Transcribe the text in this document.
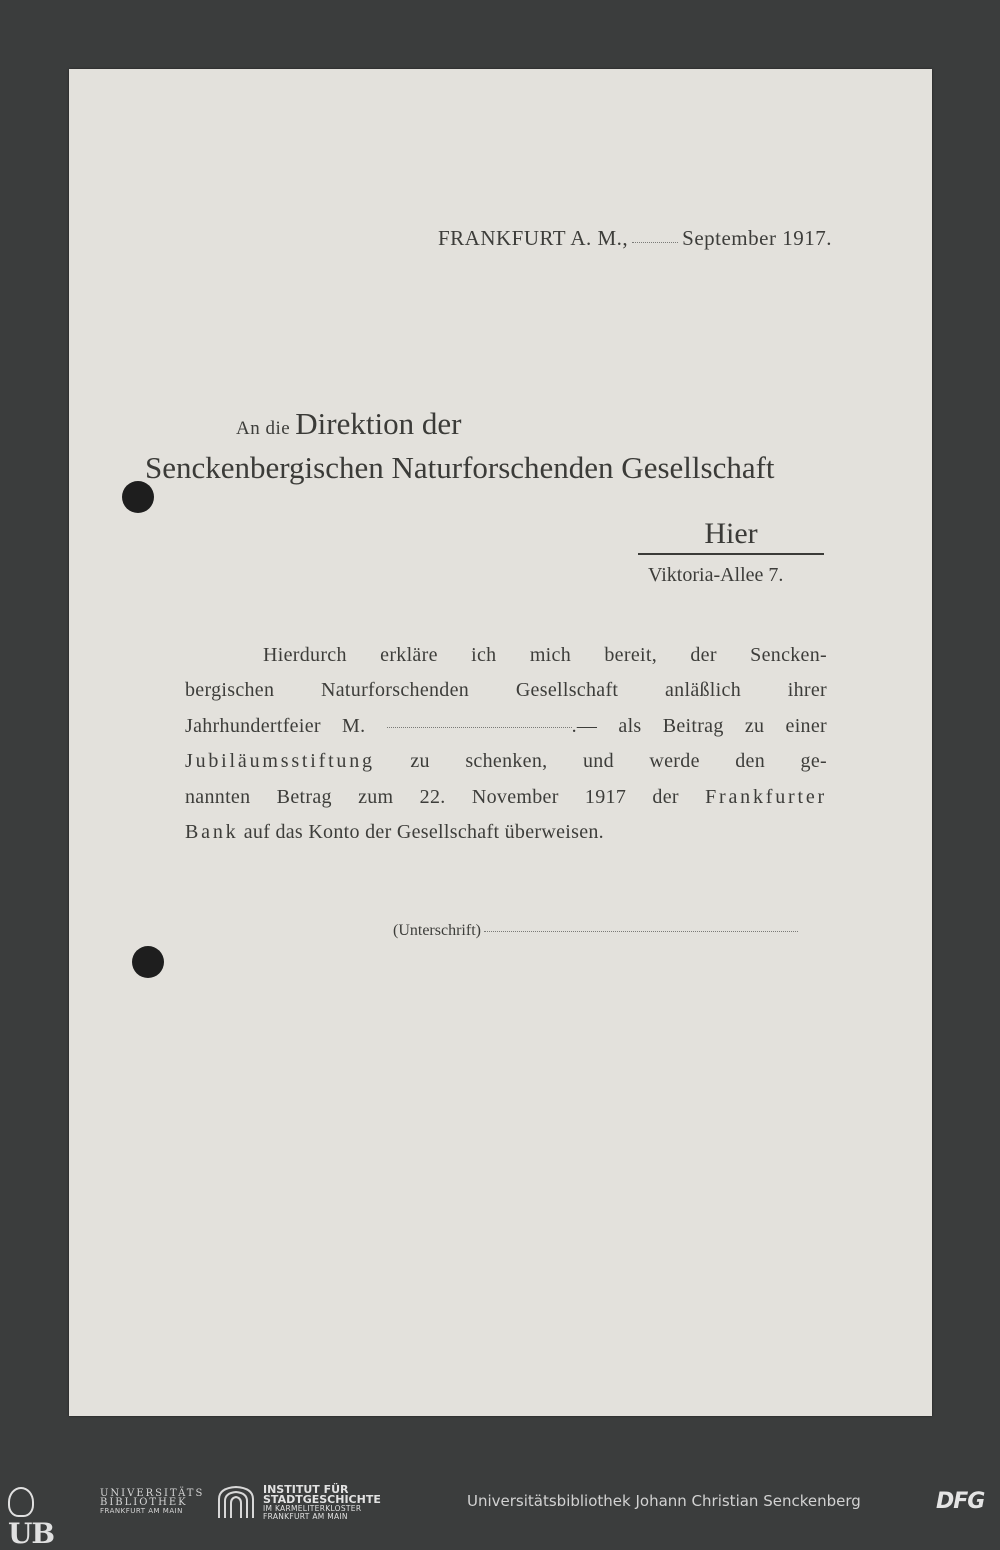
FRANKFURT A. M.,	September 1917.
An die Direktion der
Senckenbergischen Naturforschenden Gesellschaft
Hier
Viktoria-Allee 7.
Hierdurch erkläre ich mich bereit, der Sencken-
bergischen Naturforschenden Gesellschaft anläßlich ihrer
Jahrhundertfeier M.	.— als Beitrag zu einer
Jubiläumsstiftung zu schenken, und werde den ge-
nannten Betrag zum 22. November 1917 der Frankfurter
Bank auf das Konto der Gesellschaft überweisen.
(Unterschrift)
UB
UNIVERSITÄTS
BIBLIOTHEK
FRANKFURT AM MAIN
INSTITUT FÜR
STADTGESCHICHTE
IM KARMELITERKLOSTER
FRANKFURT AM MAIN
Universitätsbibliothek Johann Christian Senckenberg	DFG
